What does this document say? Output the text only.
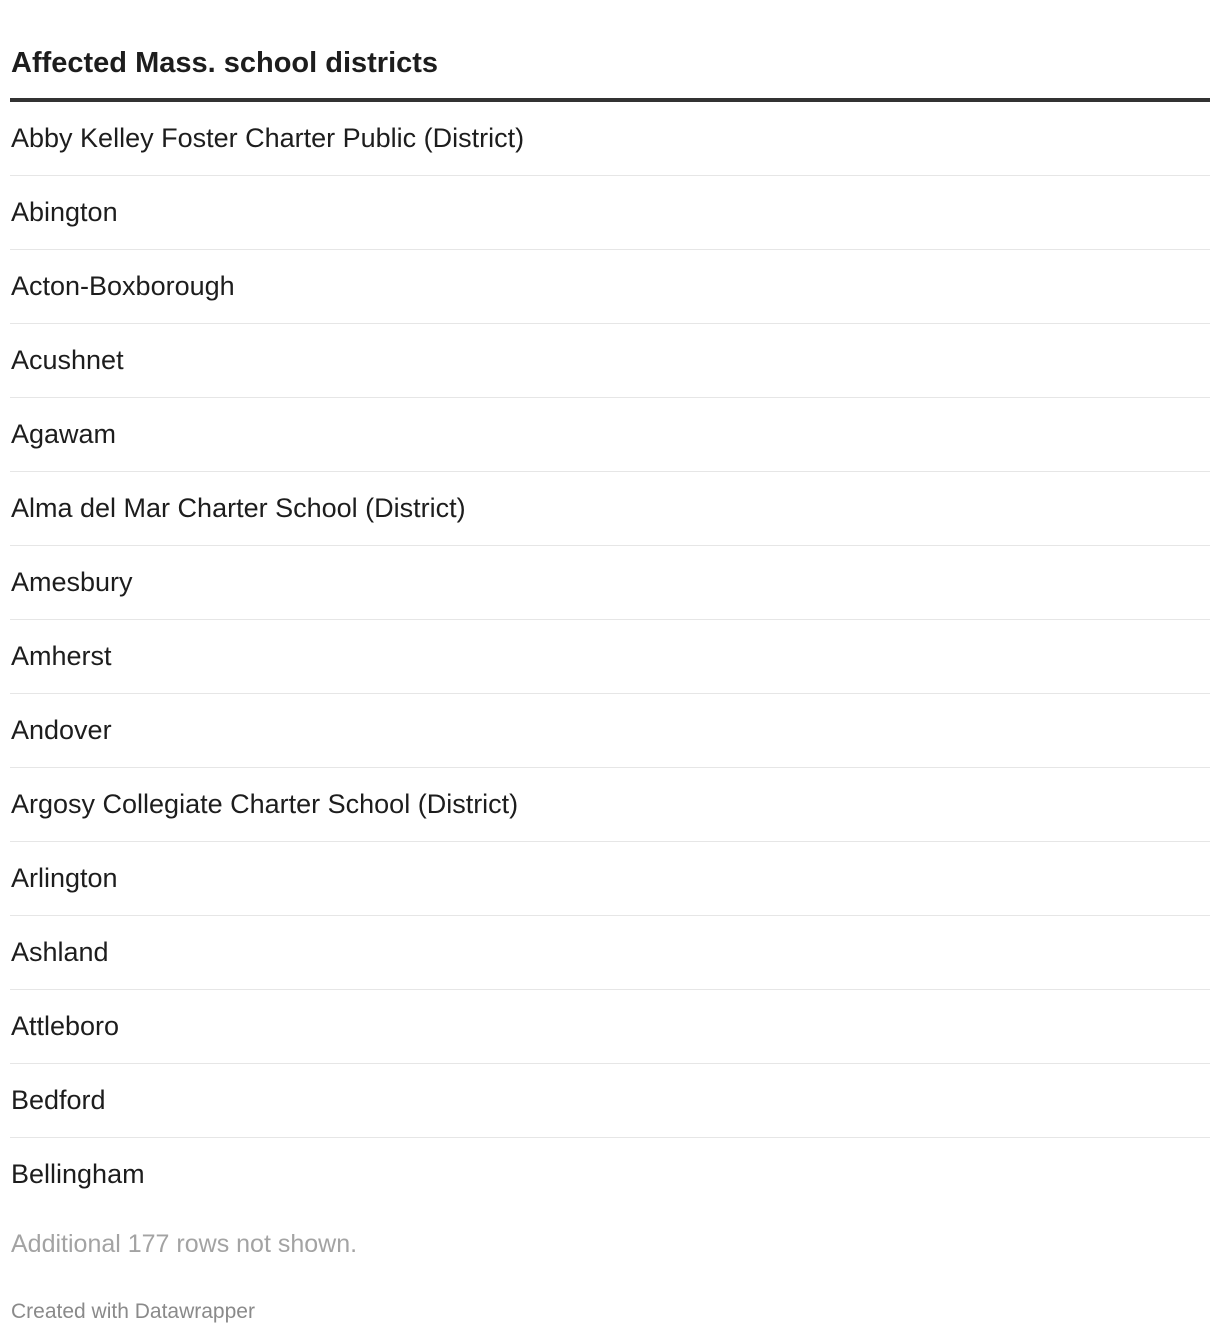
Affected Mass. school districts
Abby Kelley Foster Charter Public (District)
Abington
Acton-Boxborough
Acushnet
Agawam
Alma del Mar Charter School (District)
Amesbury
Amherst
Andover
Argosy Collegiate Charter School (District)
Arlington
Ashland
Attleboro
Bedford
Bellingham
Additional 177 rows not shown.
Created with Datawrapper
